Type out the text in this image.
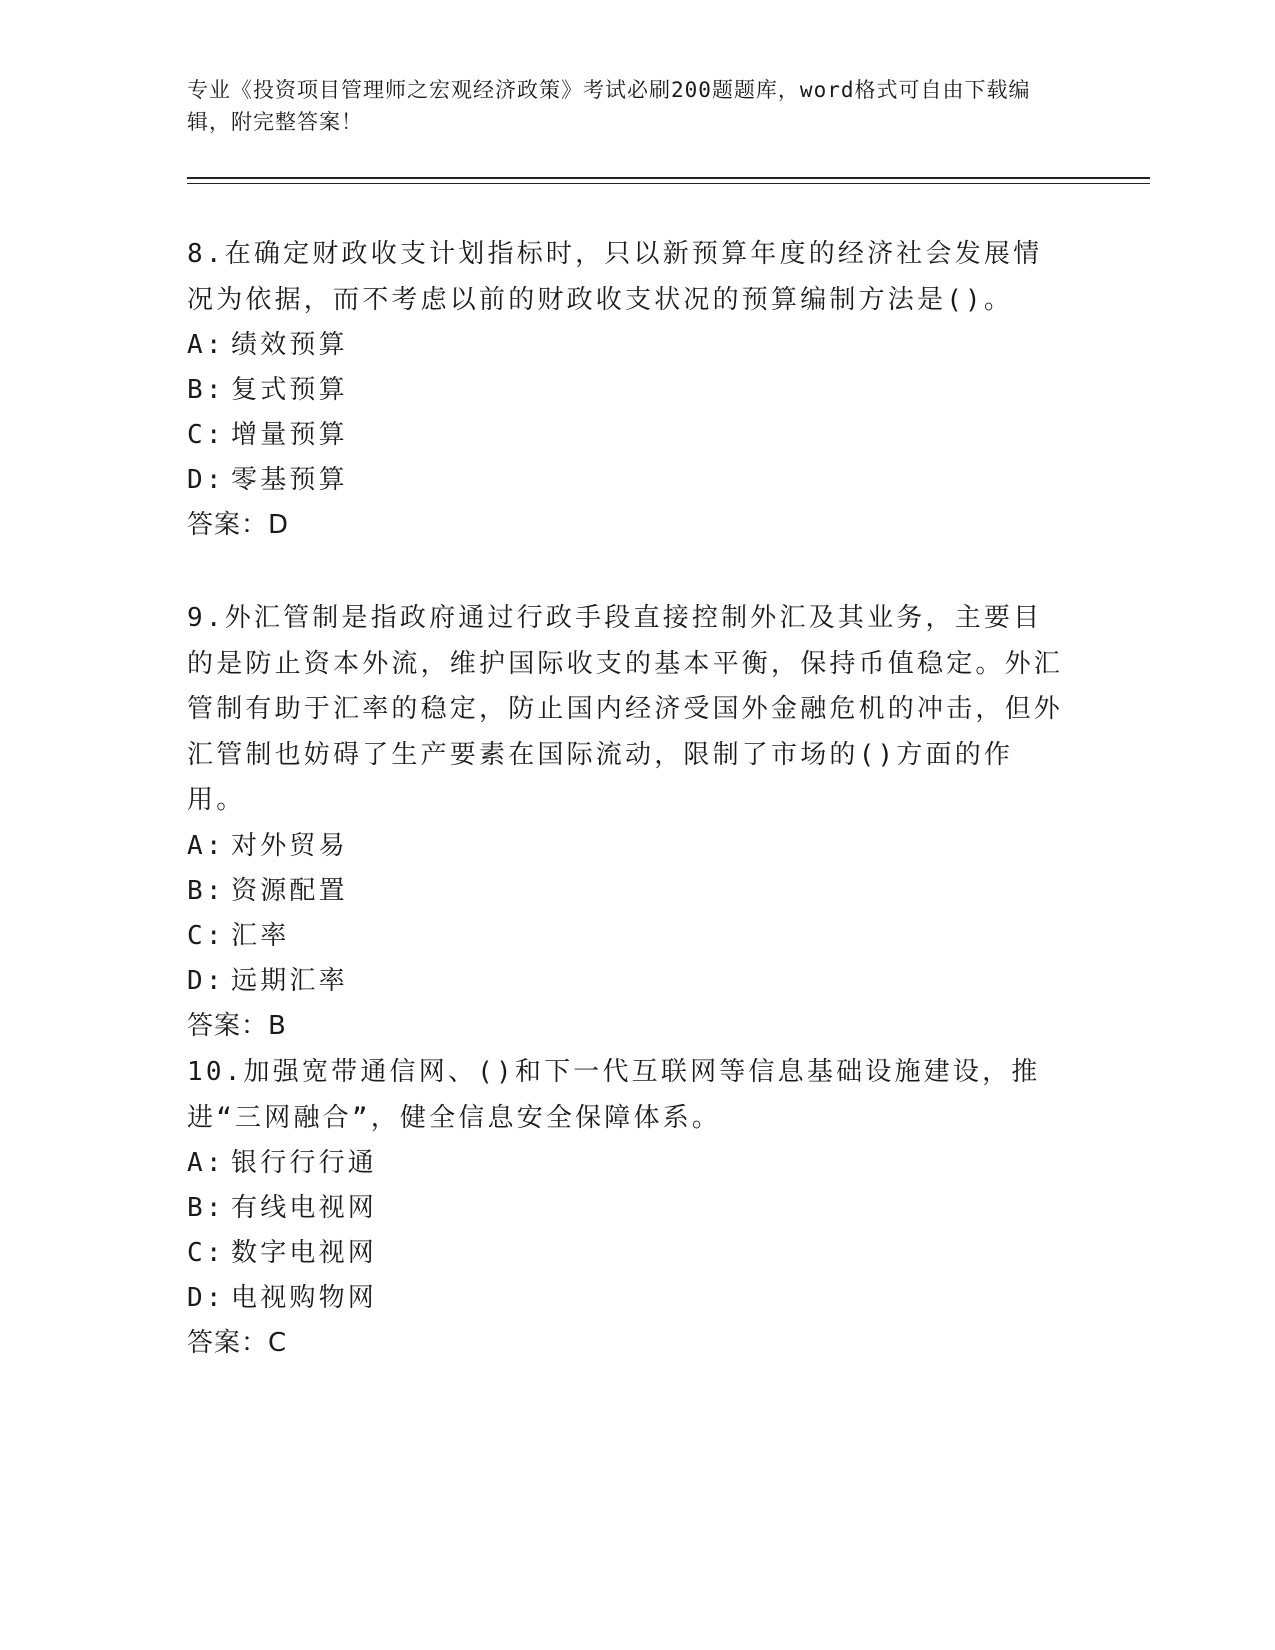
专业《投资项目管理师之宏观经济政策》考试必刷200题题库，word格式可自由下载编辑，附完整答案！

8.在确定财政收支计划指标时，只以新预算年度的经济社会发展情况为依据，而不考虑以前的财政收支状况的预算编制方法是()。

A: 绩效预算
B: 复式预算
C: 增量预算
D: 零基预算
答案：D

9.外汇管制是指政府通过行政手段直接控制外汇及其业务，主要目的是防止资本外流，维护国际收支的基本平衡，保持币值稳定。外汇管制有助于汇率的稳定，防止国内经济受国外金融危机的冲击，但外汇管制也妨碍了生产要素在国际流动，限制了市场的()方面的作用。

A: 对外贸易
B: 资源配置
C: 汇率
D: 远期汇率
答案：B

10.加强宽带通信网、()和下一代互联网等信息基础设施建设，推进“三网融合”，健全信息安全保障体系。

A: 银行行行通
B: 有线电视网
C: 数字电视网
D: 电视购物网
答案：C
